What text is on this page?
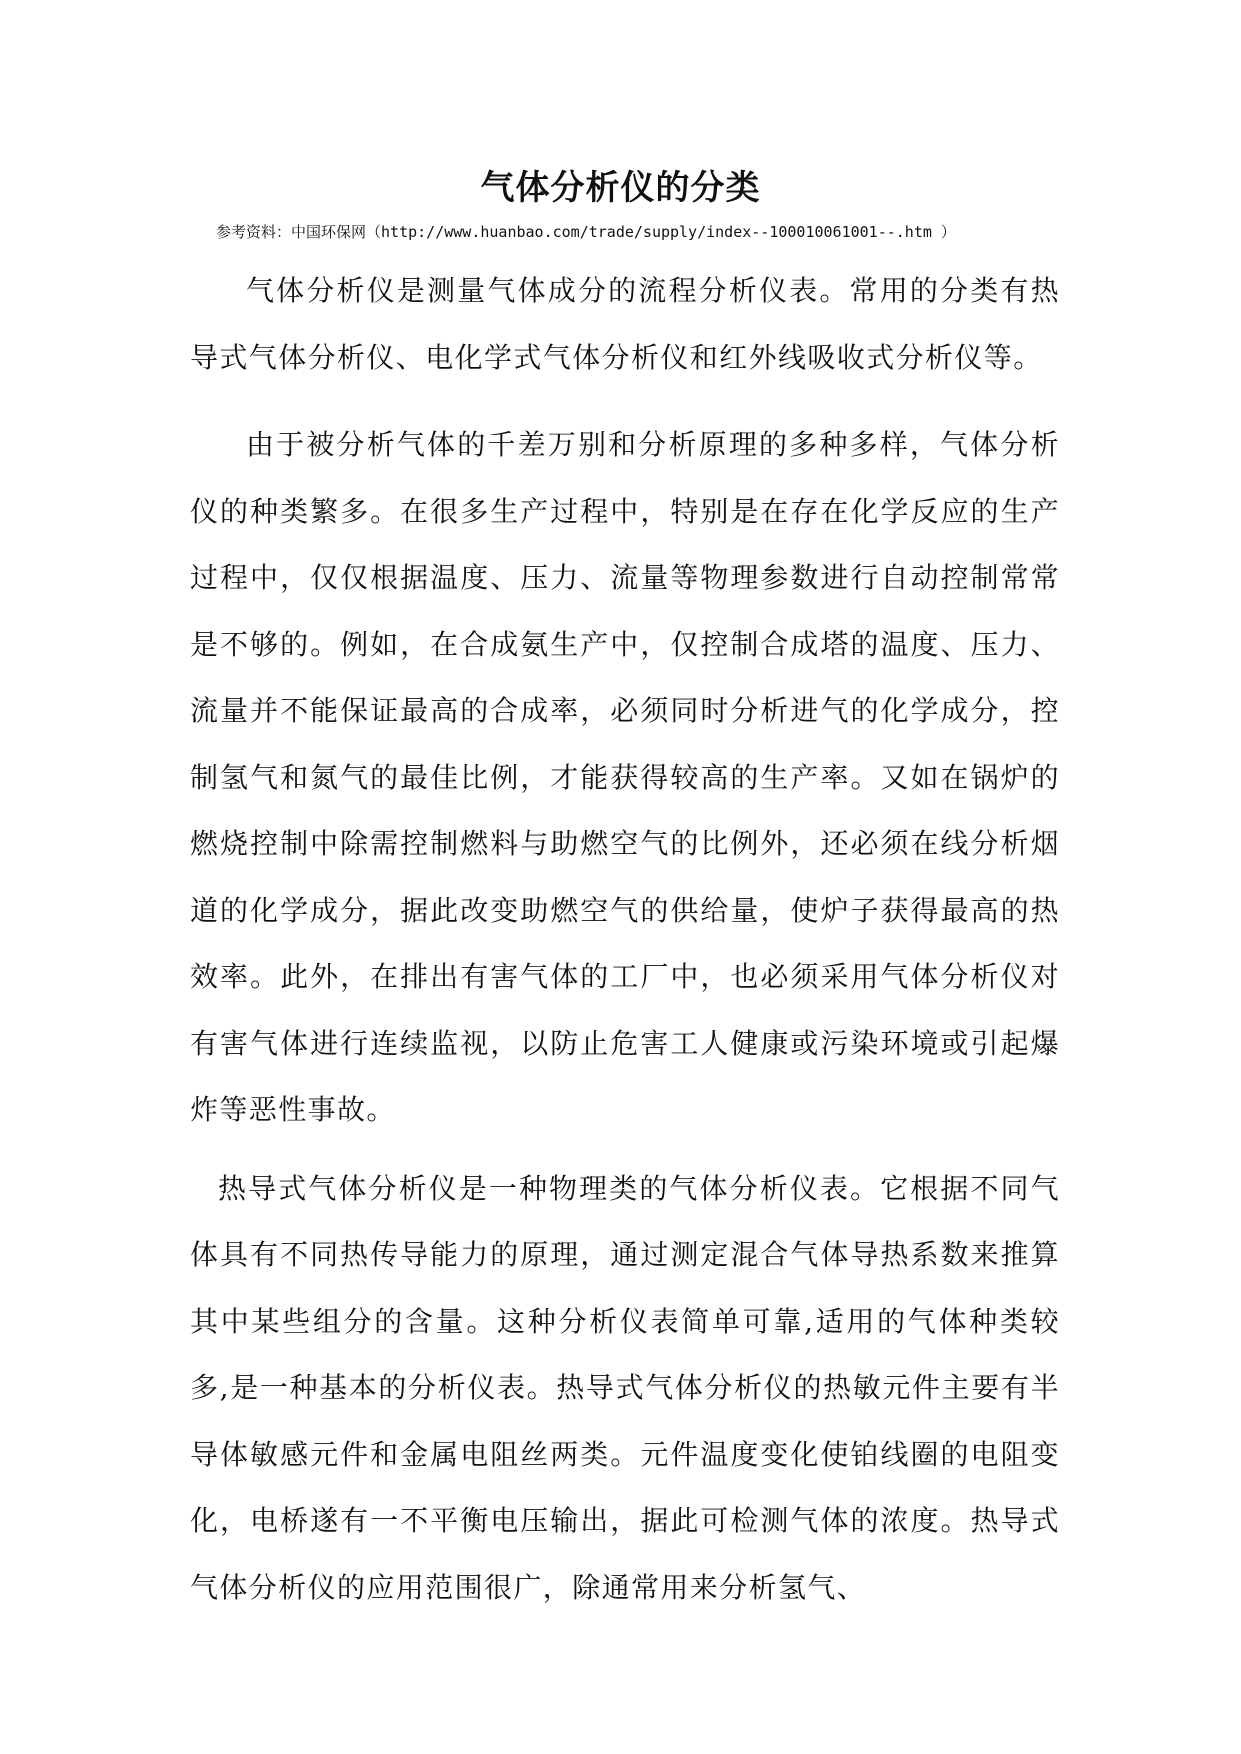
气体分析仪的分类
参考资料：中国环保网（http://www.huanbao.com/trade/supply/index--100010061001--.htm ）

气体分析仪是测量气体成分的流程分析仪表。常用的分类有热导式气体分析仪、电化学式气体分析仪和红外线吸收式分析仪等。

由于被分析气体的千差万别和分析原理的多种多样，气体分析仪的种类繁多。在很多生产过程中，特别是在存在化学反应的生产过程中，仅仅根据温度、压力、流量等物理参数进行自动控制常常是不够的。例如，在合成氨生产中，仅控制合成塔的温度、压力、流量并不能保证最高的合成率，必须同时分析进气的化学成分，控制氢气和氮气的最佳比例，才能获得较高的生产率。又如在锅炉的燃烧控制中除需控制燃料与助燃空气的比例外，还必须在线分析烟道的化学成分，据此改变助燃空气的供给量，使炉子获得最高的热效率。此外，在排出有害气体的工厂中，也必须采用气体分析仪对有害气体进行连续监视，以防止危害工人健康或污染环境或引起爆炸等恶性事故。

热导式气体分析仪是一种物理类的气体分析仪表。它根据不同气体具有不同热传导能力的原理，通过测定混合气体导热系数来推算其中某些组分的含量。这种分析仪表简单可靠,适用的气体种类较多,是一种基本的分析仪表。热导式气体分析仪的热敏元件主要有半导体敏感元件和金属电阻丝两类。元件温度变化使铂线圈的电阻变化，电桥遂有一不平衡电压输出，据此可检测气体的浓度。热导式气体分析仪的应用范围很广，除通常用来分析氢气、
